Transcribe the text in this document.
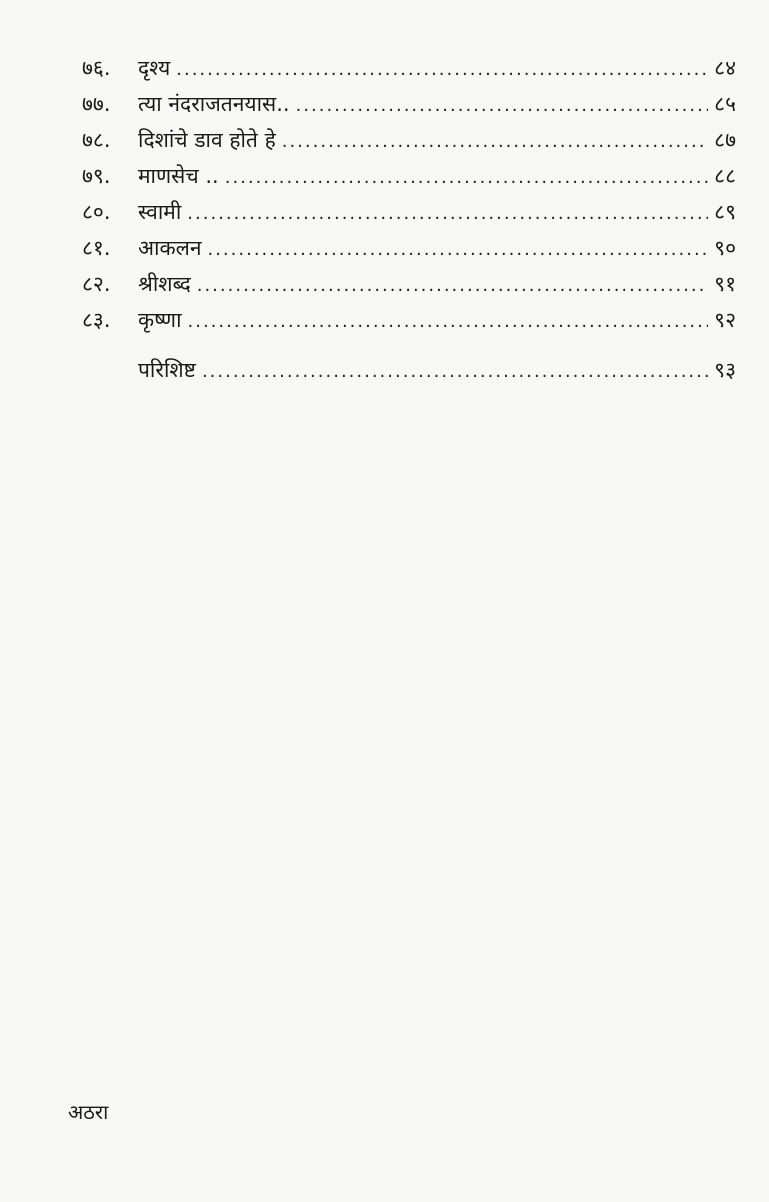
७६.	दृश्य .....	८४
७७.	त्या नंदराजतनयास.. .....	८५
७८.	दिशांचे डाव होते हे .....	८७
७९.	माणसेच .. .....	८८
८०.	स्वामी .....	८९
८१.	आकलन .....	९०
८२.	श्रीशब्द .....	९१
८३.	कृष्णा .....	९२
परिशिष्ट .....	९३
अठरा
